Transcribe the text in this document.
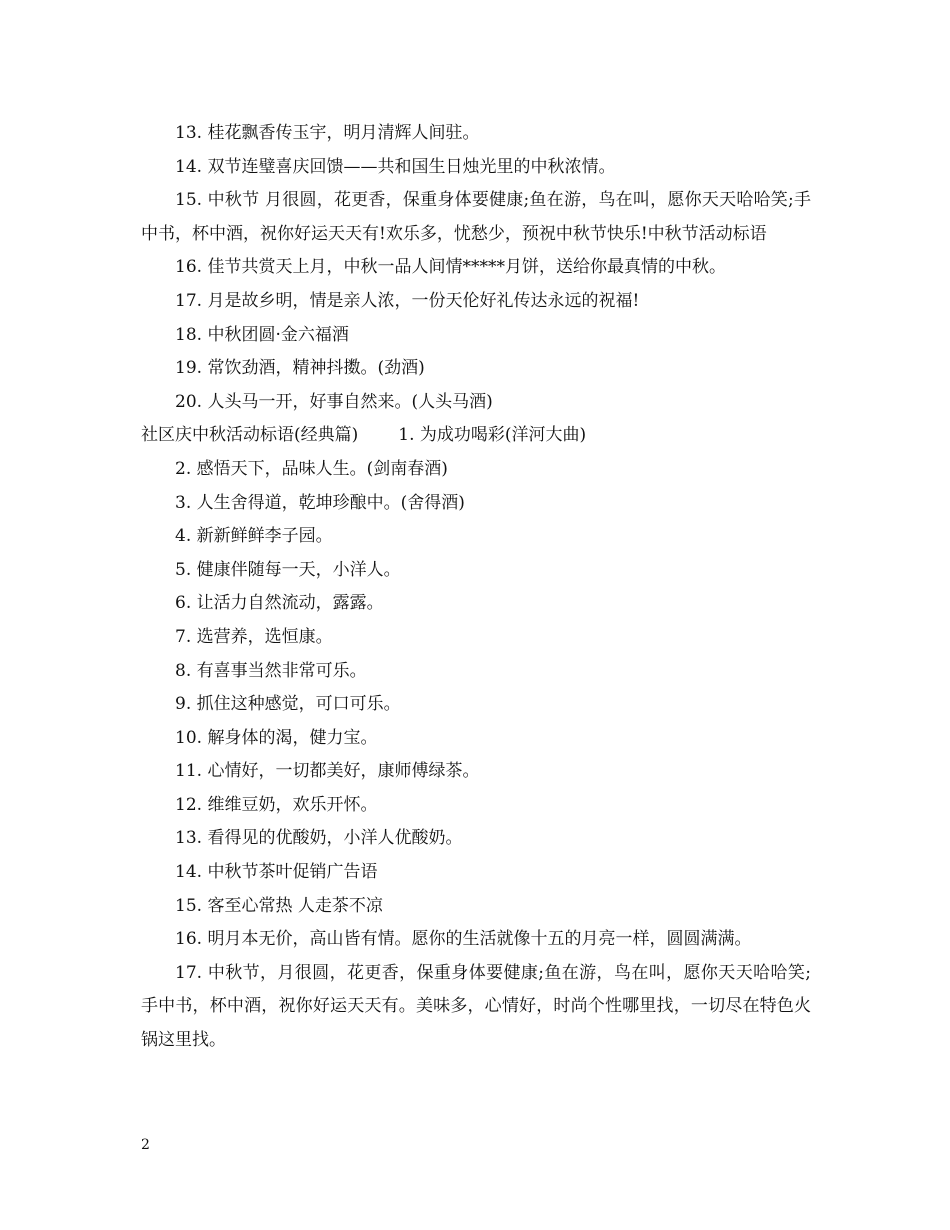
13. 桂花飘香传玉宇，明月清辉人间驻。
14. 双节连璧喜庆回馈——共和国生日烛光里的中秋浓情。
15. 中秋节 月很圆，花更香，保重身体要健康;鱼在游，鸟在叫，愿你天天哈哈笑;手中书，杯中酒，祝你好运天天有!欢乐多，忧愁少，预祝中秋节快乐!中秋节活动标语
16. 佳节共赏天上月，中秋一品人间情*****月饼，送给你最真情的中秋。
17. 月是故乡明，情是亲人浓，一份天伦好礼传达永远的祝福!
18. 中秋团圆·金六福酒
19. 常饮劲酒，精神抖擞。(劲酒)
20. 人头马一开，好事自然来。(人头马酒)
社区庆中秋活动标语(经典篇) 1. 为成功喝彩(洋河大曲)
2. 感悟天下，品味人生。(剑南春酒)
3. 人生舍得道，乾坤珍酿中。(舍得酒)
4. 新新鲜鲜李子园。
5. 健康伴随每一天，小洋人。
6. 让活力自然流动，露露。
7. 选营养，选恒康。
8. 有喜事当然非常可乐。
9. 抓住这种感觉，可口可乐。
10. 解身体的渴，健力宝。
11. 心情好，一切都美好，康师傅绿茶。
12. 维维豆奶，欢乐开怀。
13. 看得见的优酸奶，小洋人优酸奶。
14. 中秋节茶叶促销广告语
15. 客至心常热 人走茶不凉
16. 明月本无价，高山皆有情。愿你的生活就像十五的月亮一样，圆圆满满。
17. 中秋节，月很圆，花更香，保重身体要健康;鱼在游，鸟在叫，愿你天天哈哈笑;手中书，杯中酒，祝你好运天天有。美味多，心情好，时尚个性哪里找，一切尽在特色火锅这里找。
2
